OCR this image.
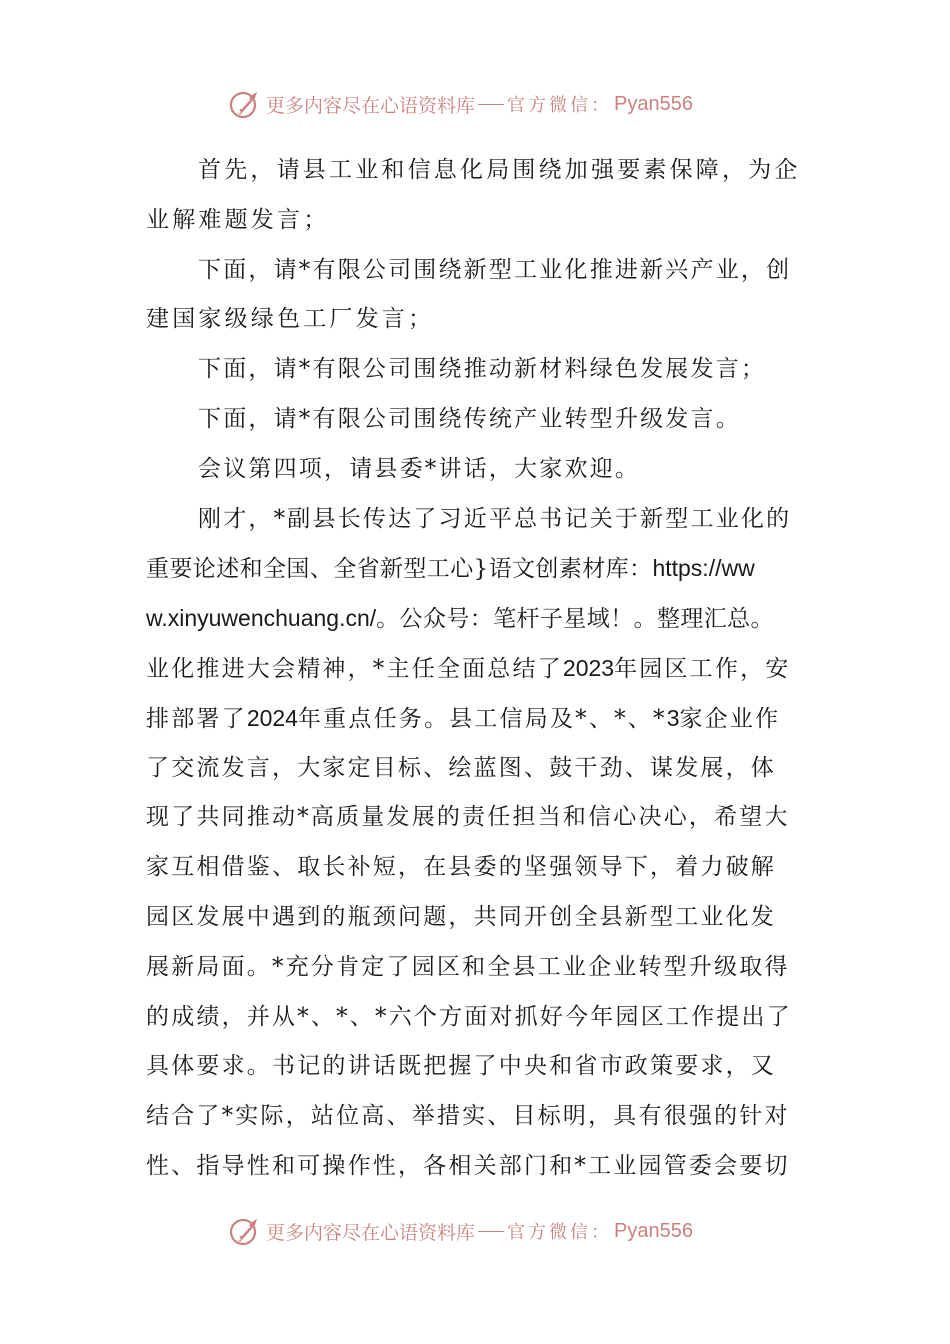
更多内容尽在心语资料库 官方微信： Pyan556
首先，请县工业和信息化局围绕加强要素保障，为企
业解难题发言；
下面，请*有限公司围绕新型工业化推进新兴产业，创
建国家级绿色工厂发言；
下面，请*有限公司围绕推动新材料绿色发展发言；
下面，请*有限公司围绕传统产业转型升级发言。
会议第四项，请县委*讲话，大家欢迎。
刚才，*副县长传达了习近平总书记关于新型工业化的
重要论述和全国、全省新型工心}语文创素材库：https://ww
w.xinyuwenchuang.cn/。公众号：笔杆子星域！。整理汇总。
业化推进大会精神，*主任全面总结了2023年园区工作，安
排部署了2024年重点任务。县工信局及*、*、*3家企业作
了交流发言，大家定目标、绘蓝图、鼓干劲、谋发展，体
现了共同推动*高质量发展的责任担当和信心决心，希望大
家互相借鉴、取长补短，在县委的坚强领导下，着力破解
园区发展中遇到的瓶颈问题，共同开创全县新型工业化发
展新局面。*充分肯定了园区和全县工业企业转型升级取得
的成绩，并从*、*、*六个方面对抓好今年园区工作提出了
具体要求。书记的讲话既把握了中央和省市政策要求，又
结合了*实际，站位高、举措实、目标明，具有很强的针对
性、指导性和可操作性，各相关部门和*工业园管委会要切
更多内容尽在心语资料库 官方微信： Pyan556
